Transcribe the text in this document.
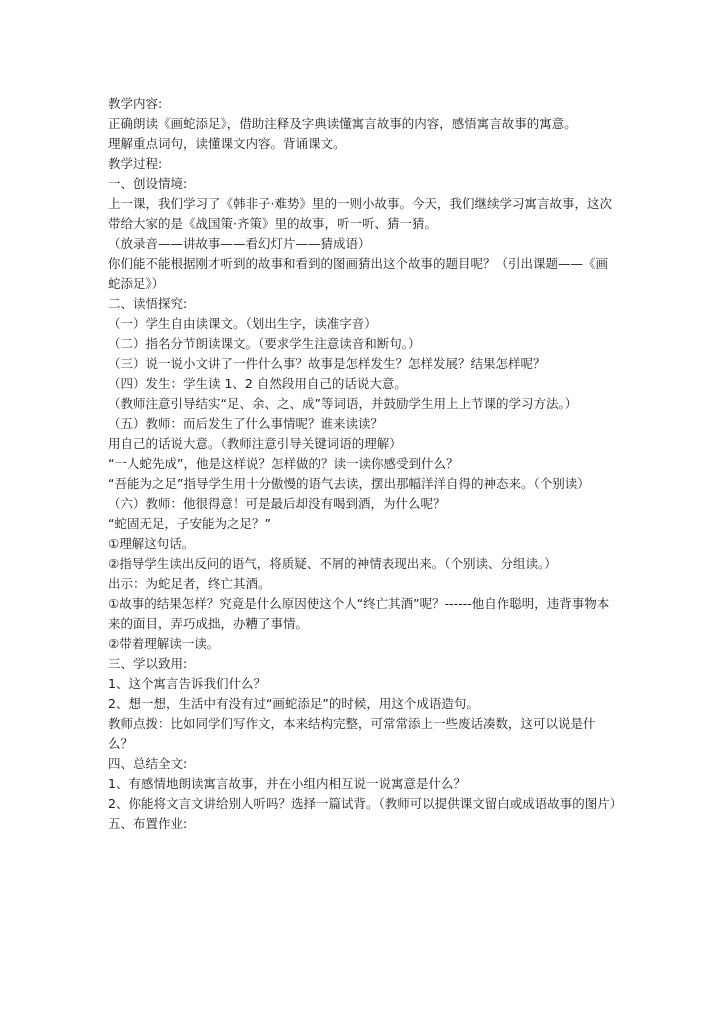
教学内容:
正确朗读《画蛇添足》，借助注释及字典读懂寓言故事的内容，感悟寓言故事的寓意。
理解重点词句，读懂课文内容。背诵课文。
教学过程:
一、创设情境:
上一课，我们学习了《韩非子·难势》里的一则小故事。今天，我们继续学习寓言故事，这次带给大家的是《战国策·齐策》里的故事，听一听、猜一猜。
（放录音——讲故事——看幻灯片——猜成语）
你们能不能根据刚才听到的故事和看到的图画猜出这个故事的题目呢？（引出课题——《画蛇添足》）
二、读悟探究:
（一）学生自由读课文。（划出生字，读准字音）
（二）指名分节朗读课文。（要求学生注意读音和断句。）
（三）说一说小文讲了一件什么事？故事是怎样发生？怎样发展？结果怎样呢？
（四）发生：学生读 1、2 自然段用自己的话说大意。
（教师注意引导结实“足、余、之、成”等词语，并鼓励学生用上上节课的学习方法。）
（五）教师：而后发生了什么事情呢？谁来读读？
用自己的话说大意。（教师注意引导关键词语的理解）
“一人蛇先成”，他是这样说？怎样做的？读一读你感受到什么？
“吾能为之足”指导学生用十分傲慢的语气去读，摆出那幅洋洋自得的神态来。（个别读）
（六）教师：他很得意！可是最后却没有喝到酒，为什么呢？
“蛇固无足，子安能为之足？”
①理解这句话。
②指导学生读出反问的语气，将质疑、不屑的神情表现出来。（个别读、分组读。）
出示：为蛇足者，终亡其酒。
①故事的结果怎样？究竟是什么原因使这个人“终亡其酒”呢？------他自作聪明，违背事物本来的面目，弄巧成拙，办糟了事情。
②带着理解读一读。
三、学以致用:
1、这个寓言告诉我们什么？
2、想一想，生活中有没有过“画蛇添足”的时候，用这个成语造句。
教师点拨：比如同学们写作文，本来结构完整，可常常添上一些废话凑数，这可以说是什么？
四、总结全文:
1、有感情地朗读寓言故事，并在小组内相互说一说寓意是什么？
2、你能将文言文讲给别人听吗？选择一篇试背。（教师可以提供课文留白或成语故事的图片）
五、布置作业:
